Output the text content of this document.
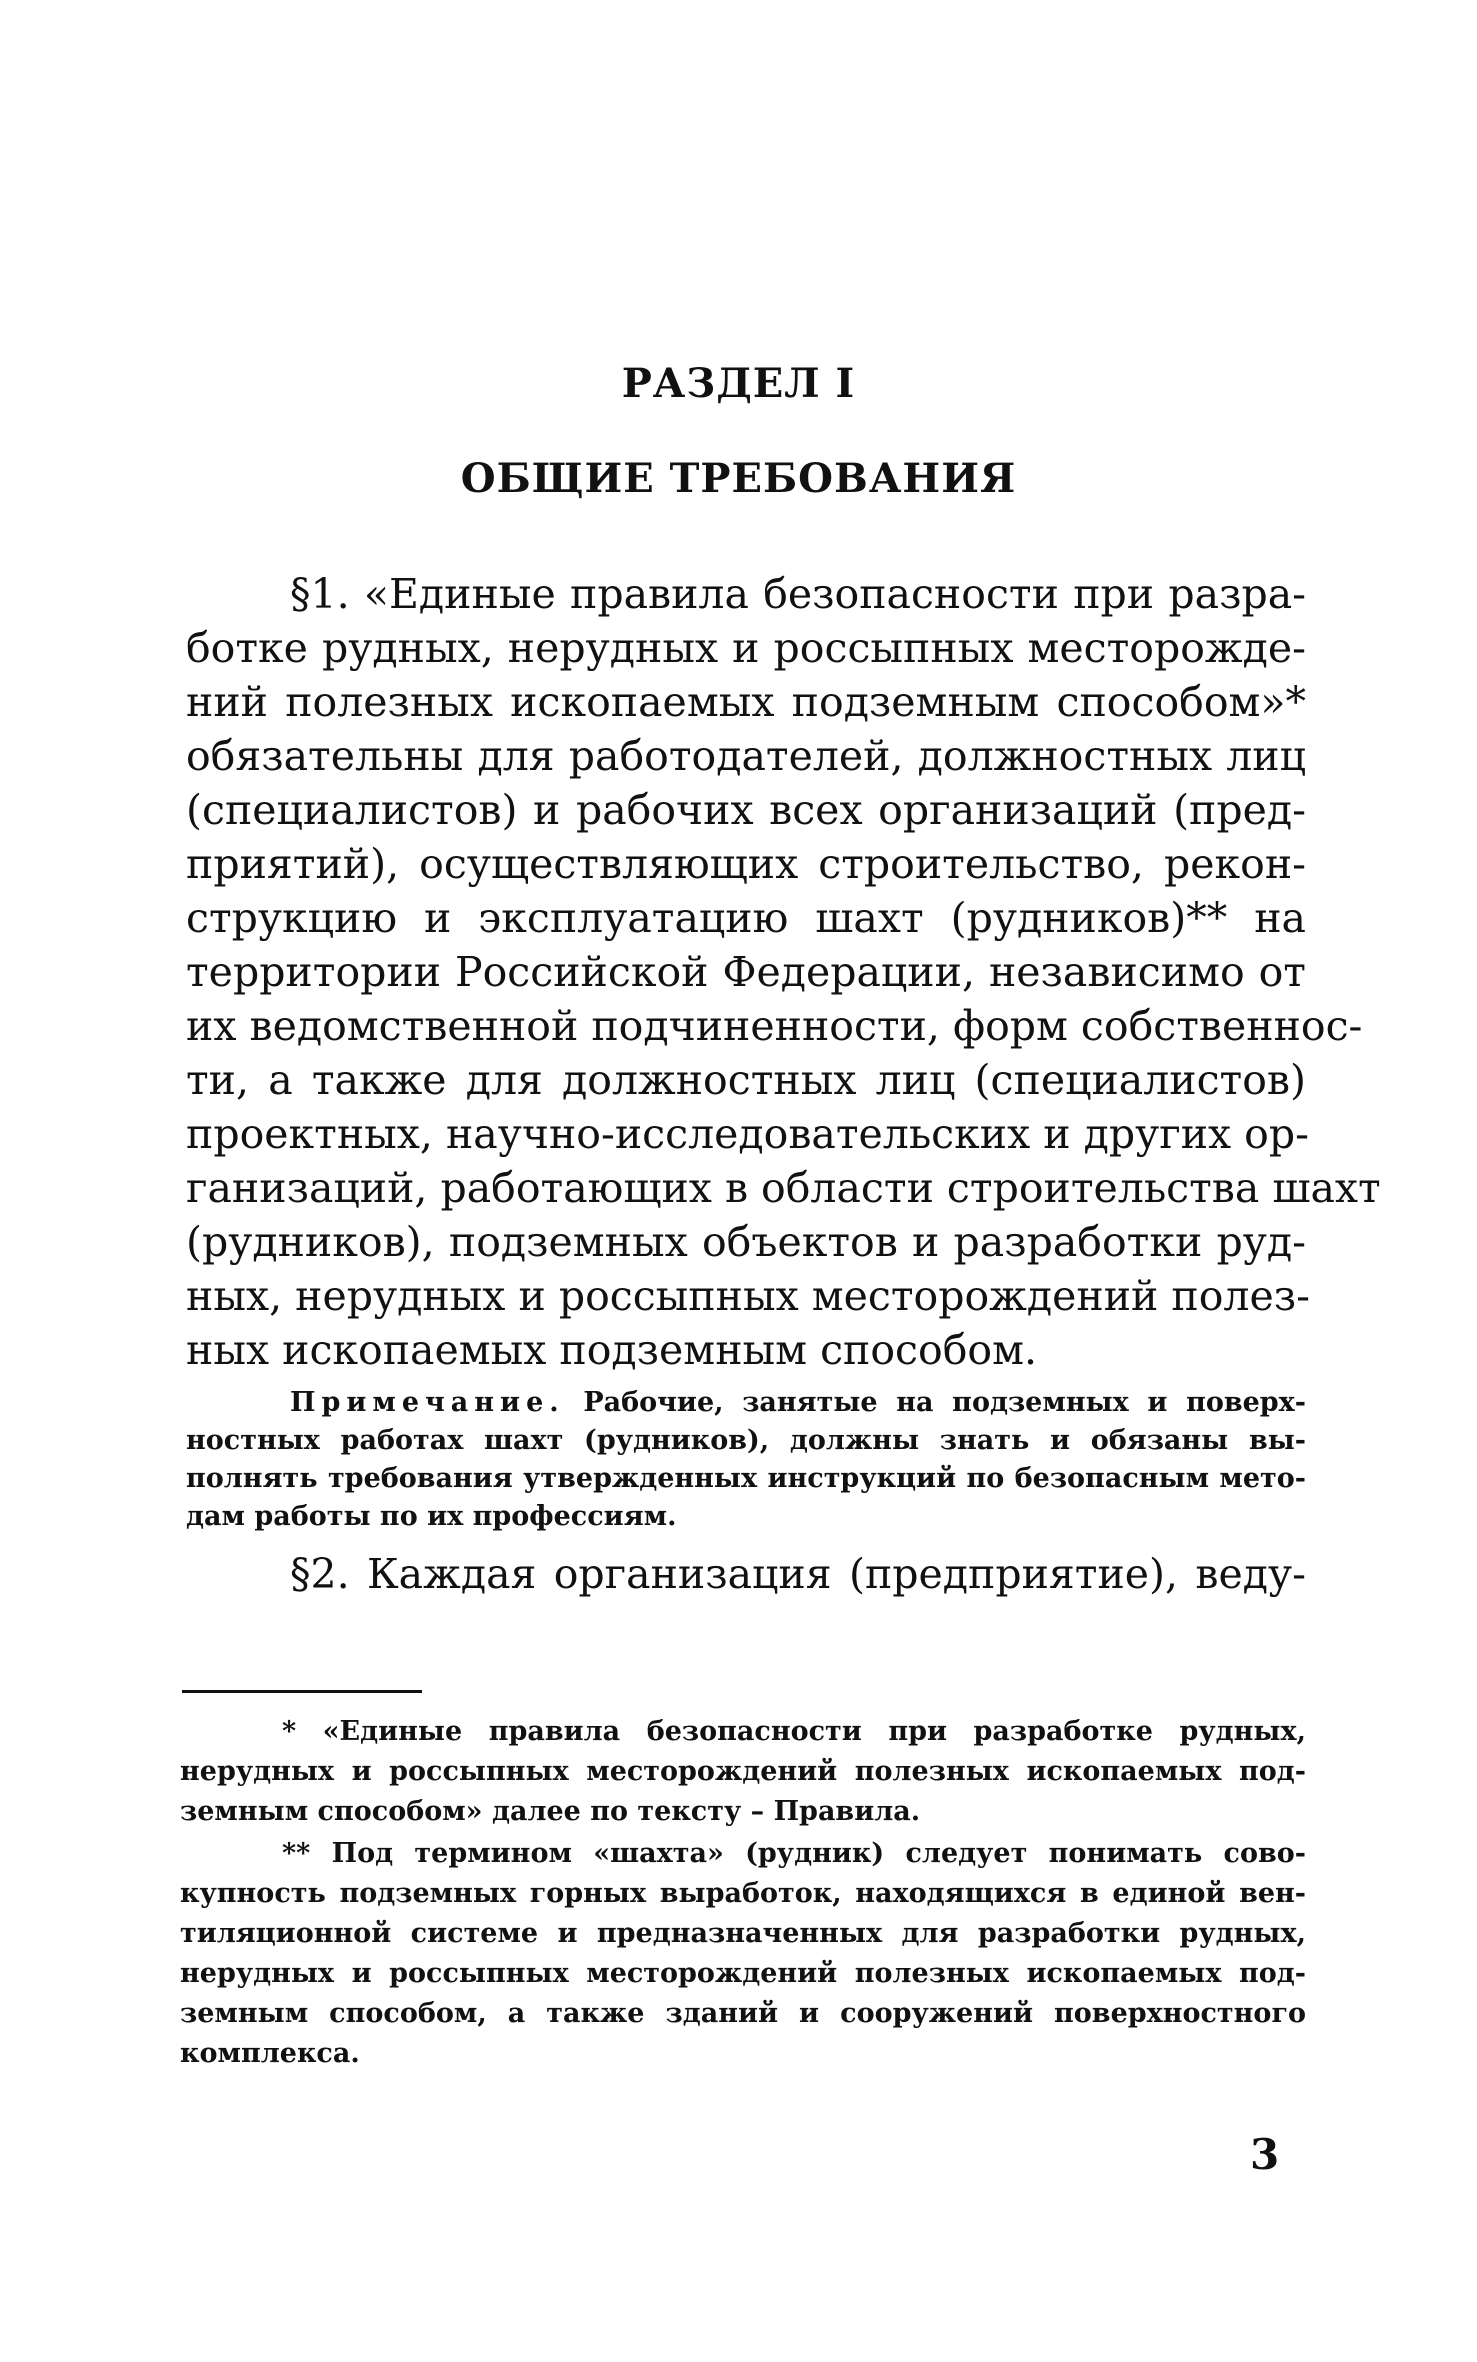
РАЗДЕЛ I
ОБЩИЕ ТРЕБОВАНИЯ
§1. «Единые правила безопасности при разра-
ботке рудных, нерудных и россыпных месторожде-
ний полезных ископаемых подземным способом»*
обязательны для работодателей, должностных лиц
(специалистов) и рабочих всех организаций (пред-
приятий), осуществляющих строительство, рекон-
струкцию и эксплуатацию шахт (рудников)** на
территории Российской Федерации, независимо от
их ведомственной подчиненности, форм собственнос-
ти, а также для должностных лиц (специалистов)
проектных, научно-исследовательских и других ор-
ганизаций, работающих в области строительства шахт
(рудников), подземных объектов и разработки руд-
ных, нерудных и россыпных месторождений полез-
ных ископаемых подземным способом.
Примечание. Рабочие, занятые на подземных и поверх-
ностных работах шахт (рудников), должны знать и обязаны вы-
полнять требования утвержденных инструкций по безопасным мето-
дам работы по их профессиям.
§2. Каждая организация (предприятие), веду-
* «Единые правила безопасности при разработке рудных,
нерудных и россыпных месторождений полезных ископаемых под-
земным способом» далее по тексту – Правила.
** Под термином «шахта» (рудник) следует понимать сово-
купность подземных горных выработок, находящихся в единой вен-
тиляционной системе и предназначенных для разработки рудных,
нерудных и россыпных месторождений полезных ископаемых под-
земным способом, а также зданий и сооружений поверхностного
комплекса.
3
